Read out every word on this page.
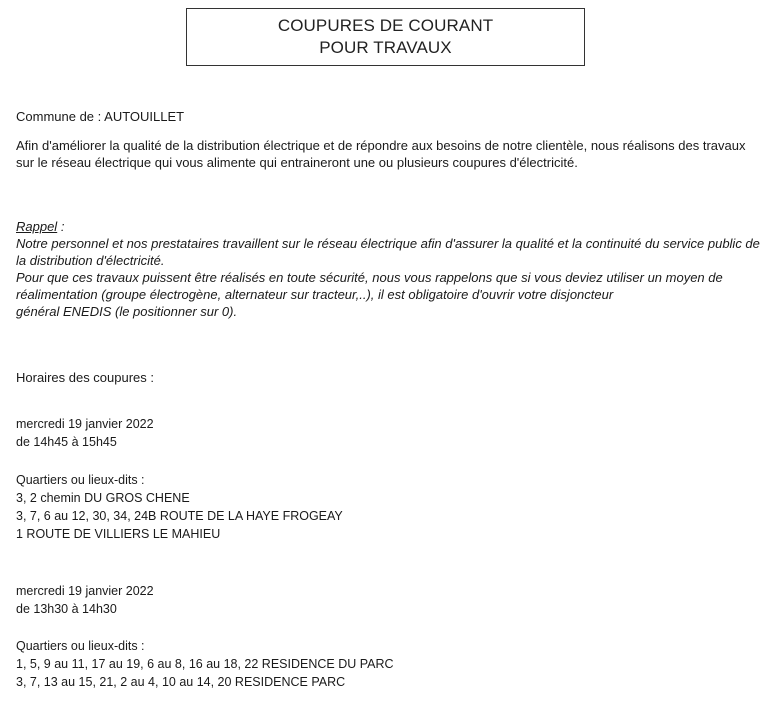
COUPURES DE COURANT
POUR TRAVAUX

Commune de : AUTOUILLET

Afin d'améliorer la qualité de la distribution électrique et de répondre aux besoins de notre clientèle, nous réalisons des travaux sur le réseau électrique qui vous alimente qui entraineront une ou plusieurs coupures d'électricité.

Rappel :

Notre personnel et nos prestataires travaillent sur le réseau électrique afin d'assurer la qualité et la continuité du service public de la distribution d'électricité.

Pour que ces travaux puissent être réalisés en toute sécurité, nous vous rappelons que si vous deviez utiliser un moyen de réalimentation (groupe électrogène, alternateur sur tracteur,..), il est obligatoire d'ouvrir votre disjoncteur

général ENEDIS (le positionner sur 0).

Horaires des coupures :

mercredi 19 janvier 2022

de 14h45 à 15h45

Quartiers ou lieux-dits :

3, 2 chemin DU GROS CHENE

3, 7, 6 au 12, 30, 34, 24B ROUTE DE LA HAYE FROGEAY

1 ROUTE DE VILLIERS LE MAHIEU

mercredi 19 janvier 2022

de 13h30 à 14h30

Quartiers ou lieux-dits :

1, 5, 9 au 11, 17 au 19, 6 au 8, 16 au 18, 22 RESIDENCE DU PARC

3, 7, 13 au 15, 21, 2 au 4, 10 au 14, 20 RESIDENCE PARC
